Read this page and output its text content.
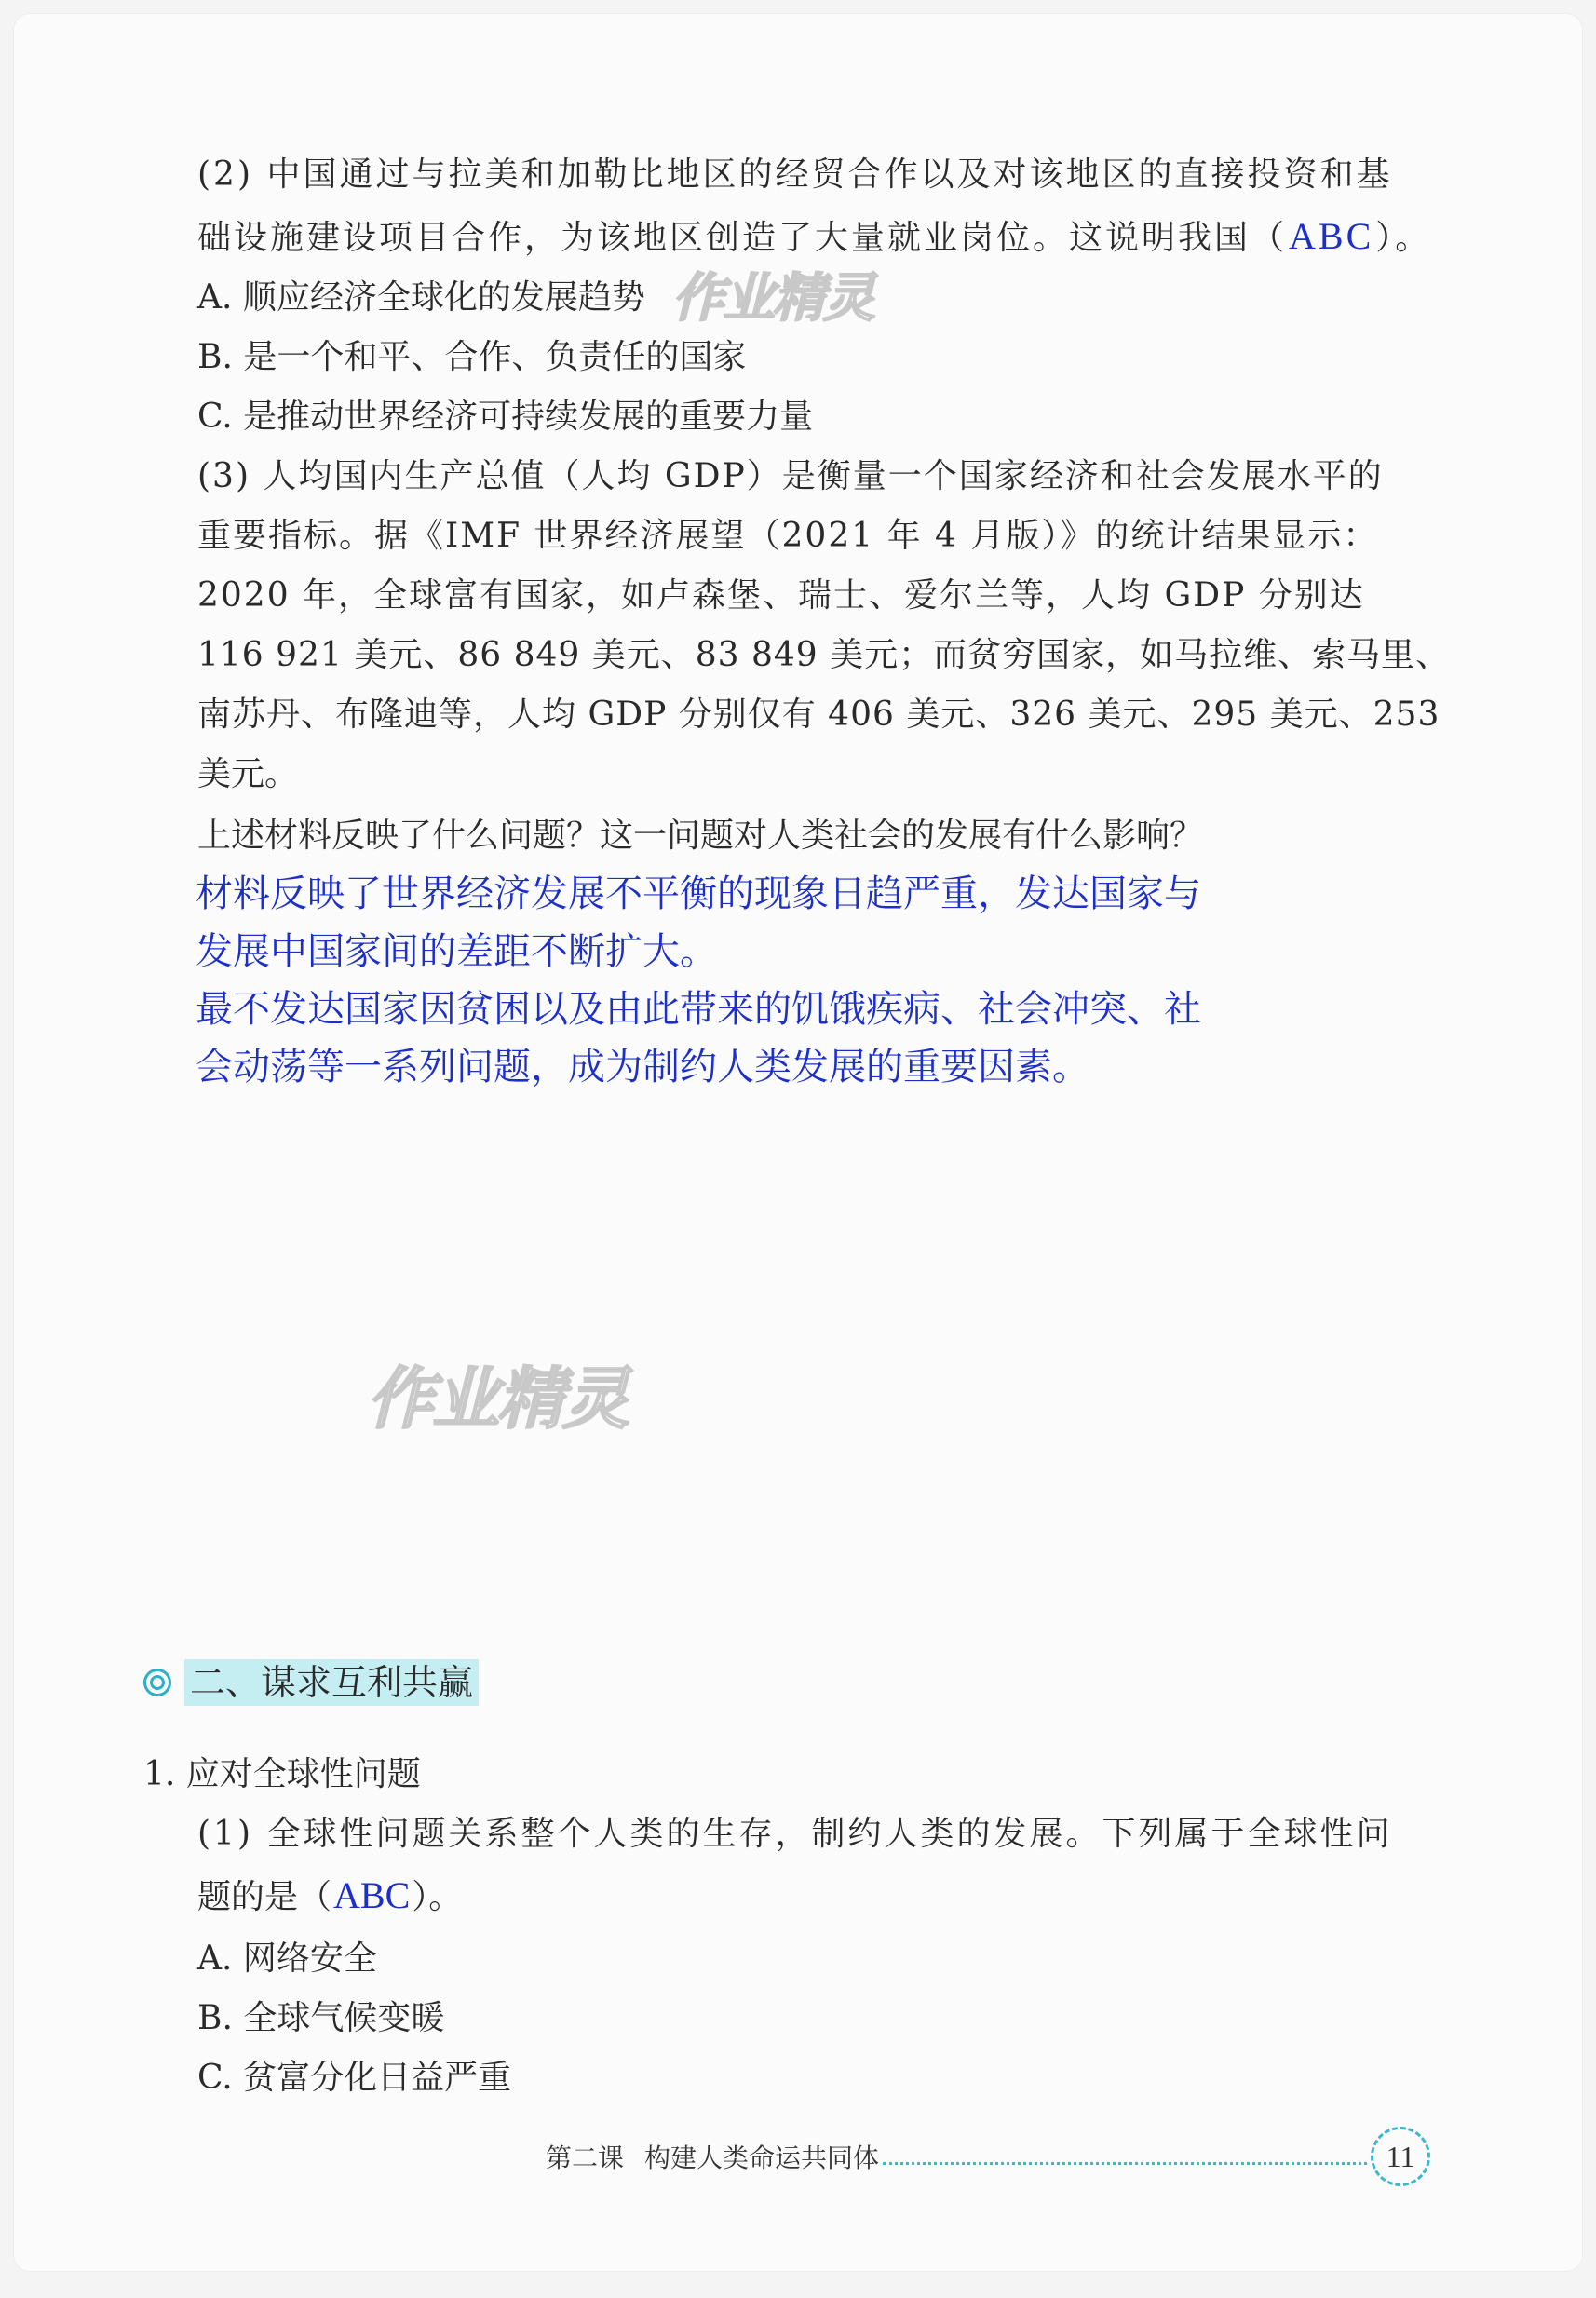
(2) 中国通过与拉美和加勒比地区的经贸合作以及对该地区的直接投资和基
础设施建设项目合作，为该地区创造了大量就业岗位。这说明我国（ABC）。
A. 顺应经济全球化的发展趋势
B. 是一个和平、合作、负责任的国家
C. 是推动世界经济可持续发展的重要力量
作业精灵
(3) 人均国内生产总值（人均 GDP）是衡量一个国家经济和社会发展水平的
重要指标。据《IMF 世界经济展望（2021 年 4 月版）》的统计结果显示：
2020 年，全球富有国家，如卢森堡、瑞士、爱尔兰等，人均 GDP 分别达
116 921 美元、86 849 美元、83 849 美元；而贫穷国家，如马拉维、索马里、
南苏丹、布隆迪等，人均 GDP 分别仅有 406 美元、326 美元、295 美元、253
美元。
上述材料反映了什么问题？这一问题对人类社会的发展有什么影响？
材料反映了世界经济发展不平衡的现象日趋严重，发达国家与
发展中国家间的差距不断扩大。
最不发达国家因贫困以及由此带来的饥饿疾病、社会冲突、社
会动荡等一系列问题，成为制约人类发展的重要因素。
作业精灵
二、谋求互利共赢
1. 应对全球性问题
(1) 全球性问题关系整个人类的生存，制约人类的发展。下列属于全球性问
题的是（ABC）。
A. 网络安全
B. 全球气候变暖
C. 贫富分化日益严重
第二课 构建人类命运共同体	11
